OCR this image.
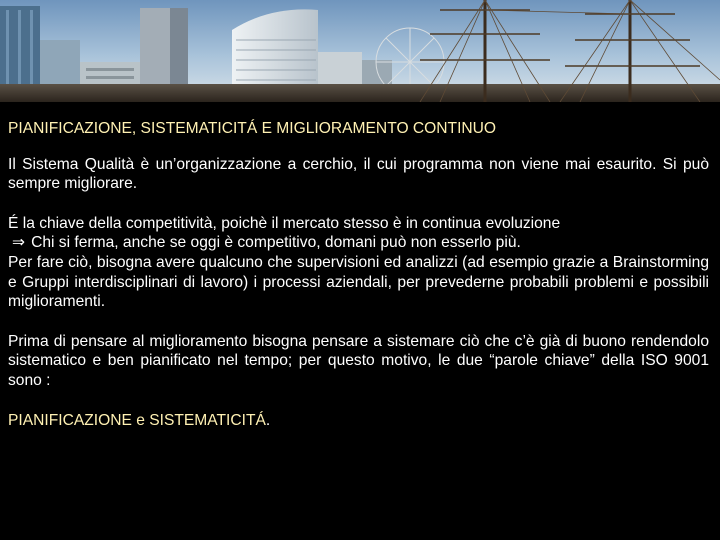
PIANIFICAZIONE, SISTEMATICITÁ E MIGLIORAMENTO CONTINUO

Il Sistema Qualità è un’organizzazione a cerchio, il cui programma non viene mai esaurito. Si può sempre migliorare.

É la chiave della competitività, poichè il mercato stesso è in continua evoluzione

⇒ Chi si ferma, anche se oggi è competitivo, domani può non esserlo più.

Per fare ciò, bisogna avere qualcuno che supervisioni ed analizzi (ad esempio grazie a Brainstorming e Gruppi interdisciplinari di lavoro) i processi aziendali, per prevederne probabili problemi e possibili miglioramenti.

Prima di pensare al miglioramento bisogna pensare a sistemare ciò che c’è già di buono rendendolo sistematico e ben pianificato nel tempo; per questo motivo, le due “parole chiave” della ISO 9001 sono :

PIANIFICAZIONE e SISTEMATICITÁ.
